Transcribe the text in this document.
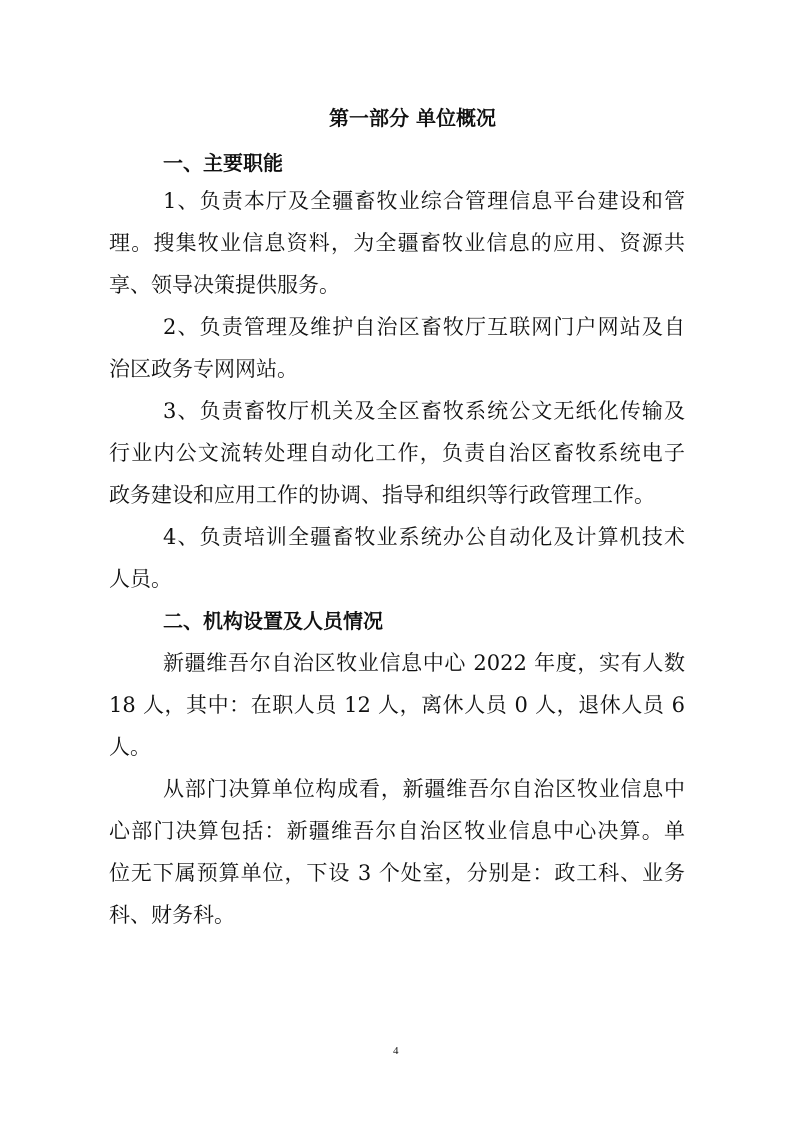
第一部分 单位概况
一、主要职能
1、负责本厅及全疆畜牧业综合管理信息平台建设和管
理。搜集牧业信息资料，为全疆畜牧业信息的应用、资源共
享、领导决策提供服务。
2、负责管理及维护自治区畜牧厅互联网门户网站及自
治区政务专网网站。
3、负责畜牧厅机关及全区畜牧系统公文无纸化传输及
行业内公文流转处理自动化工作，负责自治区畜牧系统电子
政务建设和应用工作的协调、指导和组织等行政管理工作。
4、负责培训全疆畜牧业系统办公自动化及计算机技术
人员。
二、机构设置及人员情况
新疆维吾尔自治区牧业信息中心 2022 年度，实有人数
18 人，其中：在职人员 12 人，离休人员 0 人，退休人员 6
人。
从部门决算单位构成看，新疆维吾尔自治区牧业信息中
心部门决算包括：新疆维吾尔自治区牧业信息中心决算。单
位无下属预算单位，下设 3 个处室，分别是：政工科、业务
科、财务科。
4
